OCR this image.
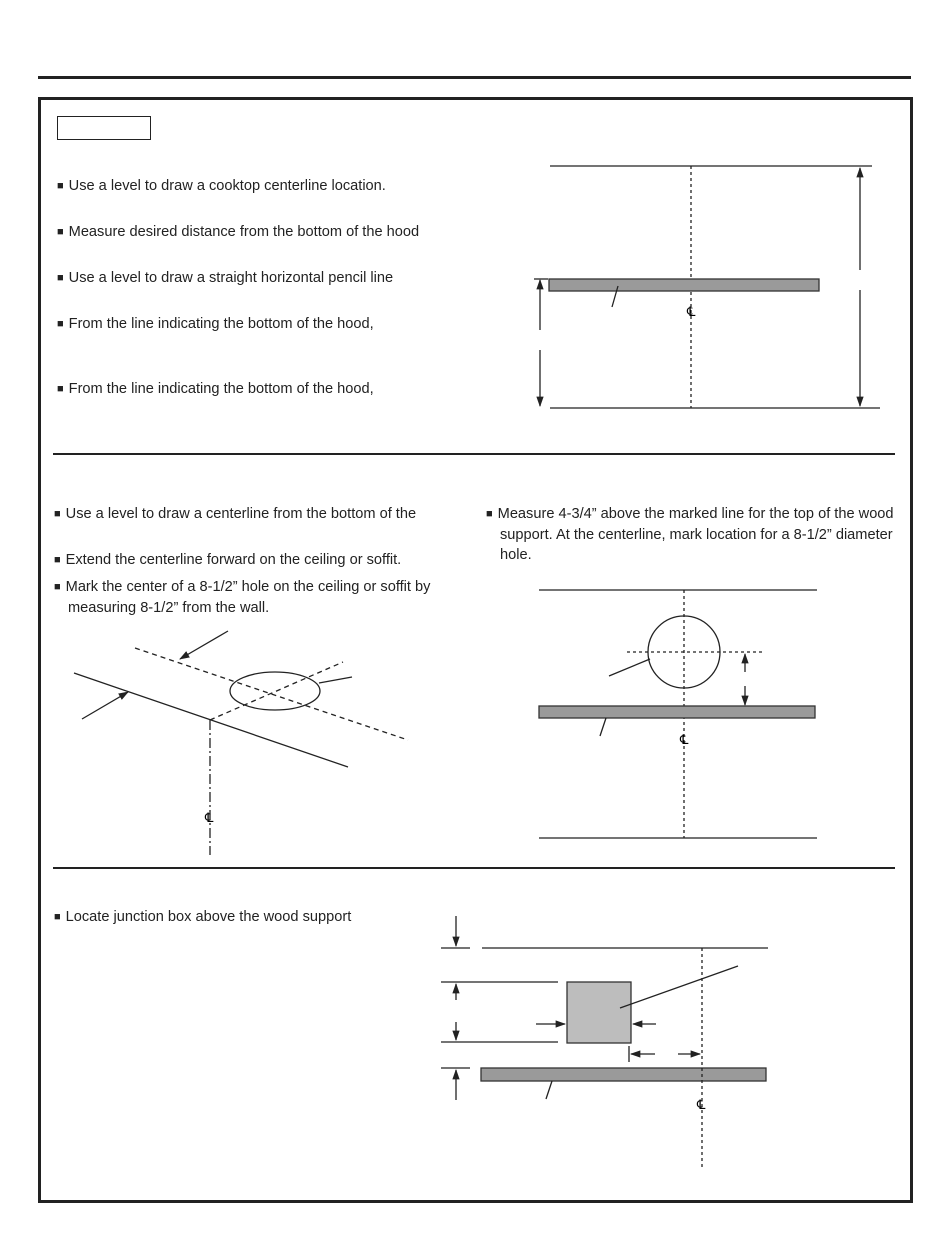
■ Use a level to draw a cooktop centerline location.
■ Measure desired distance from the bottom of the hood
■ Use a level to draw a straight horizontal pencil line
■ From the line indicating the bottom of the hood,
■ From the line indicating the bottom of the hood,
■ Use a level to draw a centerline from the bottom of the
■ Extend the centerline forward on the ceiling or soffit.
■ Mark the center of a 8-1/2” hole on the ceiling or soffit by measuring 8-1/2” from the wall.
■ Measure 4-3/4” above the marked line for the top of the wood support. At the centerline, mark location for a 8-1/2” diameter hole.
■ Locate junction box above the wood support
℄
℄
℄
℄
